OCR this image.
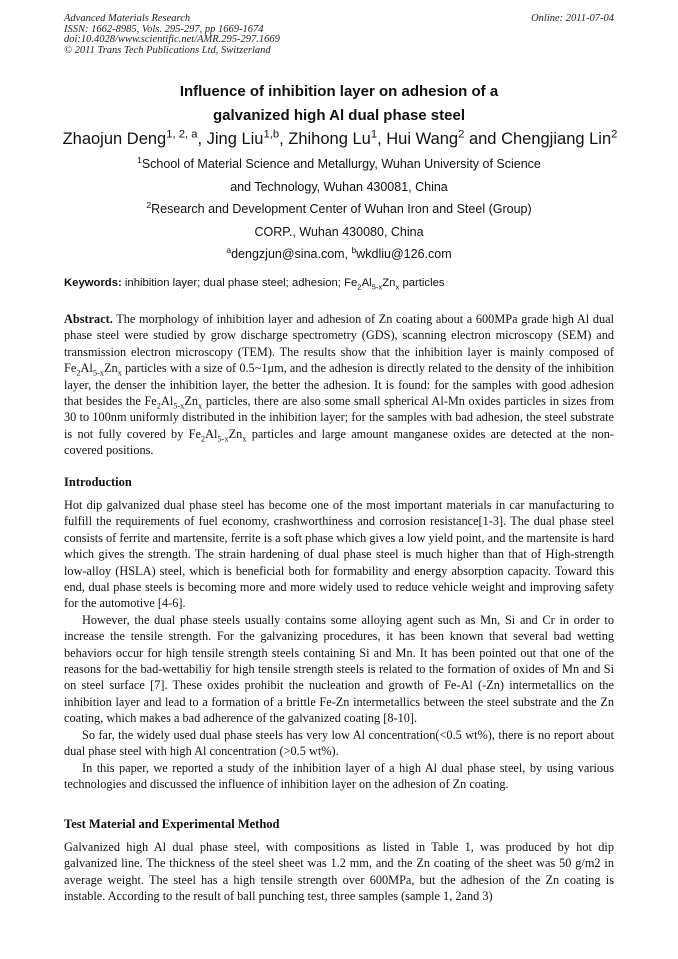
Advanced Materials Research
ISSN: 1662-8985, Vols. 295-297, pp 1669-1674
doi:10.4028/www.scientific.net/AMR.295-297.1669
© 2011 Trans Tech Publications Ltd, Switzerland
Online: 2011-07-04
Influence of inhibition layer on adhesion of a
galvanized high Al dual phase steel
Zhaojun Deng$^{1, 2, a}$, Jing Liu$^{1,b}$, Zhihong Lu$^1$, Hui Wang$^2$ and Chengjiang Lin$^2$
$^1$School of Material Science and Metallurgy, Wuhan University of Science
and Technology, Wuhan 430081, China
$^2$Research and Development Center of Wuhan Iron and Steel (Group)
CORP., Wuhan 430080, China
$^a$dengzjun@sina.com, $^b$wkdliu@126.com
Keywords: inhibition layer; dual phase steel; adhesion; $Fe_2Al_{5-x}Zn_x$ particles
Abstract. The morphology of inhibition layer and adhesion of Zn coating about a 600MPa grade high Al dual phase steel were studied by grow discharge spectrometry (GDS), scanning electron microscopy (SEM) and transmission electron microscopy (TEM). The results show that the inhibition layer is mainly composed of $Fe_2Al_{5-x}Zn_x$ particles with a size of 0.5~1μm, and the adhesion is directly related to the density of the inhibition layer, the denser the inhibition layer, the better the adhesion. It is found: for the samples with good adhesion that besides the $Fe_2Al_{5-x}Zn_x$ particles, there are also some small spherical Al-Mn oxides particles in sizes from 30 to 100nm uniformly distributed in the inhibition layer; for the samples with bad adhesion, the steel substrate is not fully covered by $Fe_2Al_{5-x}Zn_x$ particles and large amount manganese oxides are detected at the non-covered positions.
Introduction

Hot dip galvanized dual phase steel has become one of the most important materials in car manufacturing to fulfill the requirements of fuel economy, crashworthiness and corrosion resistance[1-3]. The dual phase steel consists of ferrite and martensite, ferrite is a soft phase which gives a low yield point, and the martensite is hard which gives the strength. The strain hardening of dual phase steel is much higher than that of High-strength low-alloy (HSLA) steel, which is beneficial both for formability and energy absorption capacity. Toward this end, dual phase steels is becoming more and more widely used to reduce vehicle weight and improving safety for the automotive [4-6].

However, the dual phase steels usually contains some alloying agent such as Mn, Si and Cr in order to increase the tensile strength. For the galvanizing procedures, it has been known that several bad wetting behaviors occur for high tensile strength steels containing Si and Mn. It has been pointed out that one of the reasons for the bad-wettabiliy for high tensile strength steels is related to the formation of oxides of Mn and Si on steel surface [7]. These oxides prohibit the nucleation and growth of Fe-Al (-Zn) intermetallics on the inhibition layer and lead to a formation of a brittle Fe-Zn intermetallics between the steel substrate and the Zn coating, which makes a bad adherence of the galvanized coating [8-10].

So far, the widely used dual phase steels has very low Al concentration(<0.5 wt%), there is no report about dual phase steel with high Al concentration (>0.5 wt%).

In this paper, we reported a study of the inhibition layer of a high Al dual phase steel, by using various technologies and discussed the influence of inhibition layer on the adhesion of Zn coating.

Test Material and Experimental Method

Galvanized high Al dual phase steel, with compositions as listed in Table 1, was produced by hot dip galvanized line. The thickness of the steel sheet was 1.2 mm, and the Zn coating of the sheet was 50 g/m2 in average weight. The steel has a high tensile strength over 600MPa, but the adhesion of the Zn coating is instable. According to the result of ball punching test, three samples (sample 1, 2and 3)
